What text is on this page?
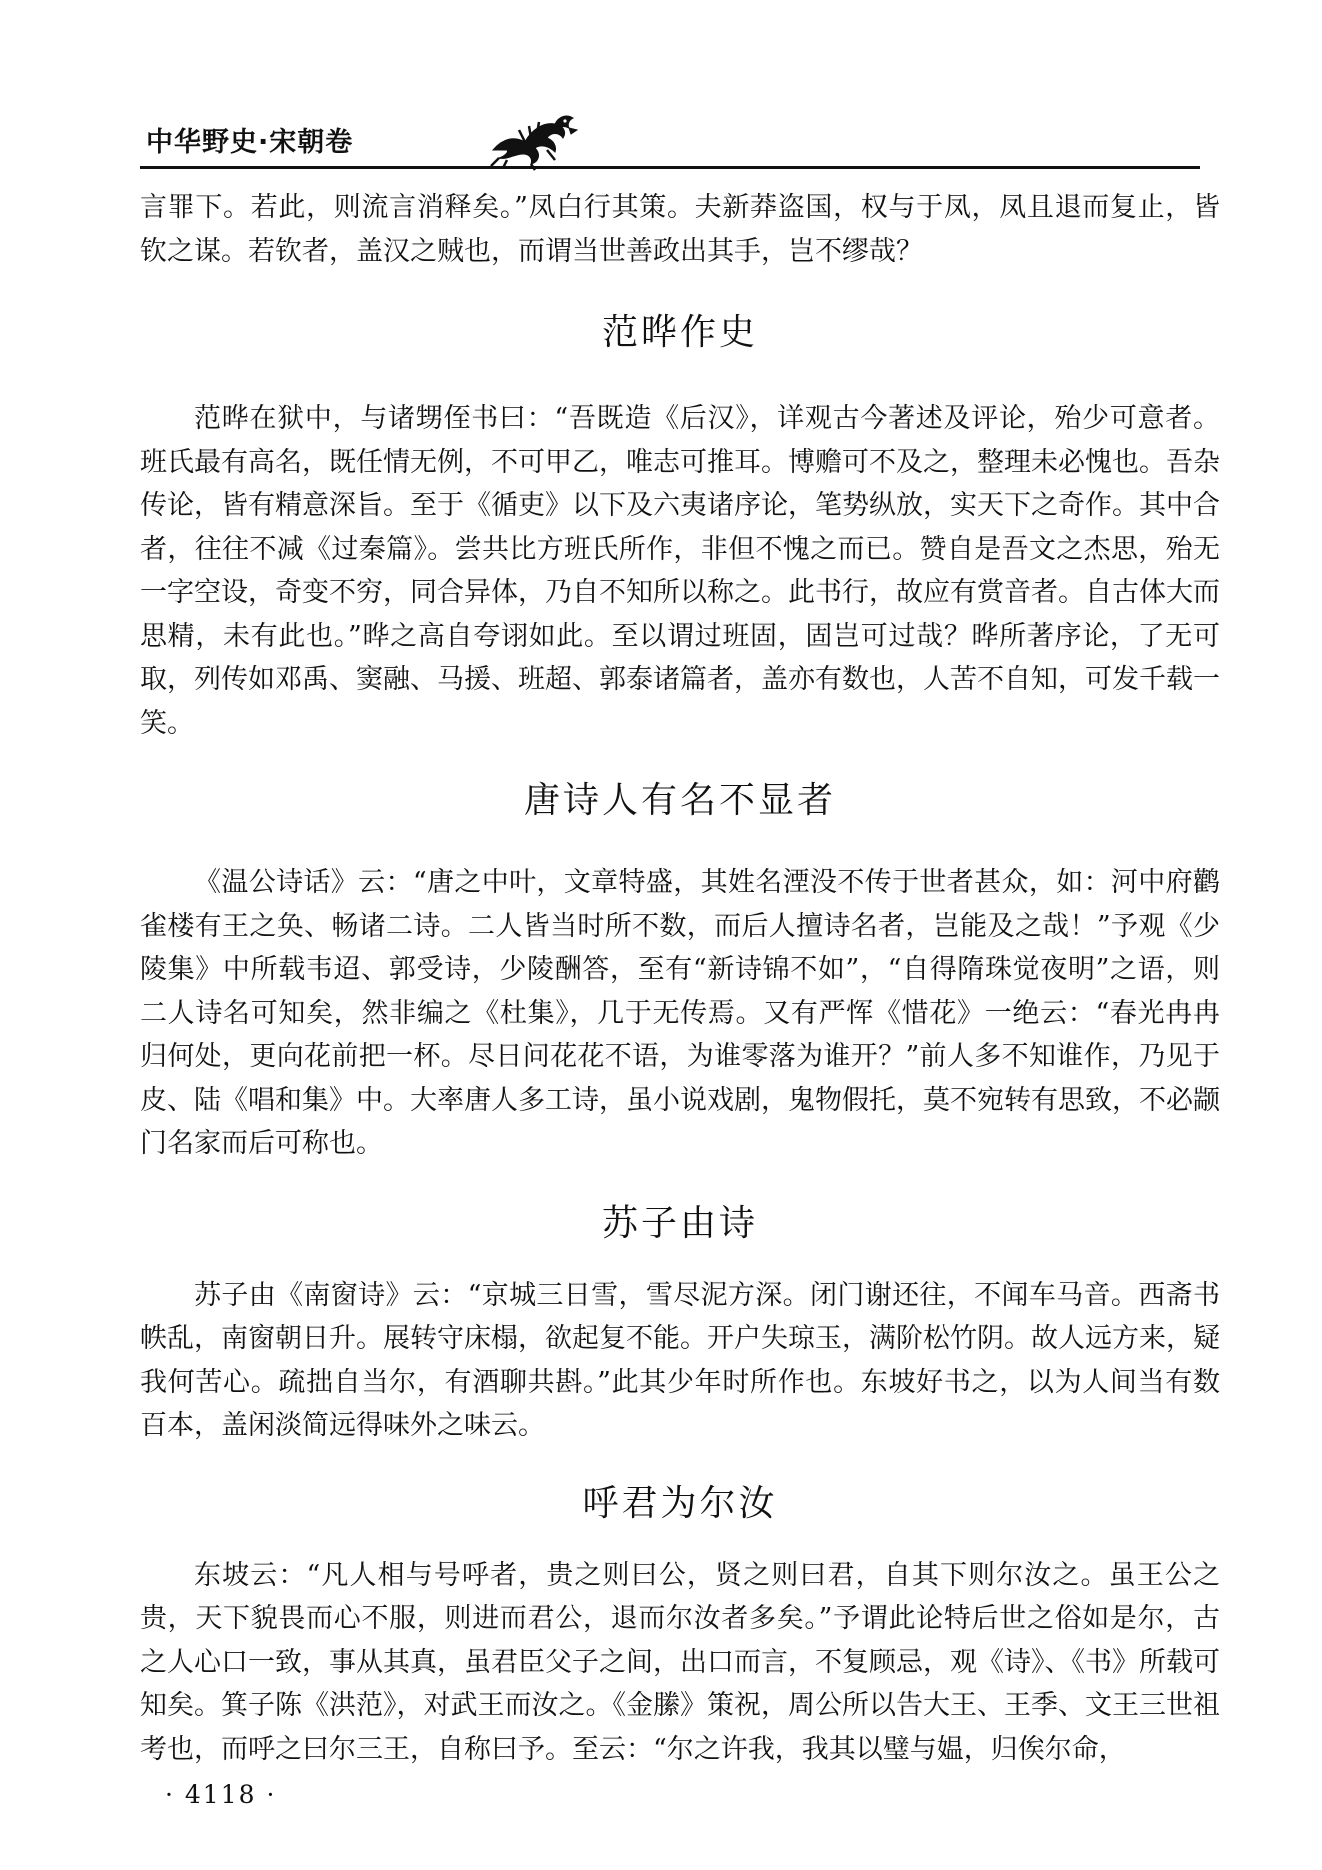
中华野史·宋朝卷

言罪下。若此，则流言消释矣。”凤白行其策。夫新莽盗国，权与于凤，凤且退而复止，皆钦之谋。若钦者，盖汉之贼也，而谓当世善政出其手，岂不缪哉？

范晔作史

范晔在狱中，与诸甥侄书曰：“吾既造《后汉》，详观古今著述及评论，殆少可意者。班氏最有高名，既任情无例，不可甲乙，唯志可推耳。博赡可不及之，整理未必愧也。吾杂传论，皆有精意深旨。至于《循吏》以下及六夷诸序论，笔势纵放，实天下之奇作。其中合者，往往不减《过秦篇》。尝共比方班氏所作，非但不愧之而已。赞自是吾文之杰思，殆无一字空设，奇变不穷，同合异体，乃自不知所以称之。此书行，故应有赏音者。自古体大而思精，未有此也。”晔之高自夸诩如此。至以谓过班固，固岂可过哉？晔所著序论，了无可取，列传如邓禹、窦融、马援、班超、郭泰诸篇者，盖亦有数也，人苦不自知，可发千载一笑。

唐诗人有名不显者

《温公诗话》云：“唐之中叶，文章特盛，其姓名湮没不传于世者甚众，如：河中府鹳雀楼有王之奂、畅诸二诗。二人皆当时所不数，而后人擅诗名者，岂能及之哉！”予观《少陵集》中所载韦迢、郭受诗，少陵酬答，至有“新诗锦不如”，“自得隋珠觉夜明”之语，则二人诗名可知矣，然非编之《杜集》，几于无传焉。又有严恽《惜花》一绝云：“春光冉冉归何处，更向花前把一杯。尽日问花花不语，为谁零落为谁开？”前人多不知谁作，乃见于皮、陆《唱和集》中。大率唐人多工诗，虽小说戏剧，鬼物假托，莫不宛转有思致，不必颛门名家而后可称也。

苏子由诗

苏子由《南窗诗》云：“京城三日雪，雪尽泥方深。闭门谢还往，不闻车马音。西斋书帙乱，南窗朝日升。展转守床榻，欲起复不能。开户失琼玉，满阶松竹阴。故人远方来，疑我何苦心。疏拙自当尔，有酒聊共斟。”此其少年时所作也。东坡好书之，以为人间当有数百本，盖闲淡简远得味外之味云。

呼君为尔汝

东坡云：“凡人相与号呼者，贵之则曰公，贤之则曰君，自其下则尔汝之。虽王公之贵，天下貌畏而心不服，则进而君公，退而尔汝者多矣。”予谓此论特后世之俗如是尔，古之人心口一致，事从其真，虽君臣父子之间，出口而言，不复顾忌，观《诗》、《书》所载可知矣。箕子陈《洪范》，对武王而汝之。《金縢》策祝，周公所以告大王、王季、文王三世祖考也，而呼之曰尔三王，自称曰予。至云：“尔之许我，我其以璧与媪，归俟尔命，

· 4118 ·
